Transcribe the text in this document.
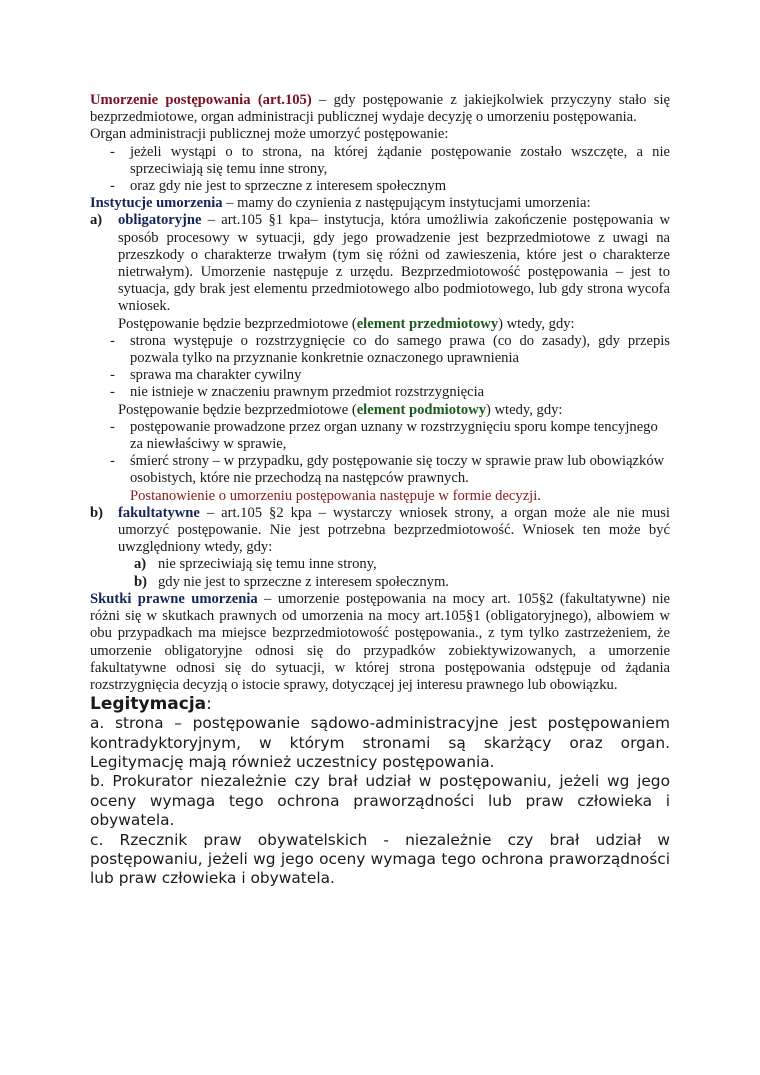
Umorzenie postępowania (art.105) – gdy postępowanie z jakiejkolwiek przyczyny stało się bezprzedmiotowe, organ administracji publicznej wydaje decyzję o umorzeniu postępowania.

Organ administracji publicznej może umorzyć postępowanie:

-	jeżeli wystąpi o to strona, na której żądanie postępowanie zostało wszczęte, a nie sprzeciwiają się temu inne strony,
-	oraz gdy nie jest to sprzeczne z interesem społecznym

Instytucje umorzenia – mamy do czynienia z następującym instytucjami umorzenia:

a)	obligatoryjne – art.105 §1 kpa– instytucja, która umożliwia zakończenie postępowania w sposób procesowy w sytuacji, gdy jego prowadzenie jest bezprzedmiotowe z uwagi na przeszkody o charakterze trwałym (tym się różni od zawieszenia, które jest o charakterze nietrwałym). Umorzenie następuje z urzędu. Bezprzedmiotowość postępowania – jest to sytuacja, gdy brak jest elementu przedmiotowego albo podmiotowego, lub gdy strona wycofa wniosek.

Postępowanie będzie bezprzedmiotowe (element przedmiotowy) wtedy, gdy:

-	strona występuje o rozstrzygnięcie co do samego prawa (co do zasady), gdy przepis pozwala tylko na przyznanie konkretnie oznaczonego uprawnienia
-	sprawa ma charakter cywilny
-	nie istnieje w znaczeniu prawnym przedmiot rozstrzygnięcia

Postępowanie będzie bezprzedmiotowe (element podmiotowy) wtedy, gdy:

-	postępowanie prowadzone przez organ uznany w rozstrzygnięciu sporu kompe tencyjnego za niewłaściwy w sprawie,
-	śmierć strony – w przypadku, gdy postępowanie się toczy w sprawie praw lub obowiązków osobistych, które nie przechodzą na następców prawnych.

Postanowienie o umorzeniu postępowania następuje w formie decyzji.

b)	fakultatywne – art.105 §2 kpa – wystarczy wniosek strony, a organ może ale nie musi umorzyć postępowanie. Nie jest potrzebna bezprzedmiotowość. Wniosek ten może być uwzględniony wtedy, gdy:

a) nie sprzeciwiają się temu inne strony,
b) gdy nie jest to sprzeczne z interesem społecznym.

Skutki prawne umorzenia – umorzenie postępowania na mocy art. 105§2 (fakultatywne) nie różni się w skutkach prawnych od umorzenia na mocy art.105§1 (obligatoryjnego), albowiem w obu przypadkach ma miejsce bezprzedmiotowość postępowania., z tym tylko zastrzeżeniem, że umorzenie obligatoryjne odnosi się do przypadków zobiektywizowanych, a umorzenie fakultatywne odnosi się do sytuacji, w której strona postępowania odstępuje od żądania rozstrzygnięcia decyzją o istocie sprawy, dotyczącej jej interesu prawnego lub obowiązku.

Legitymacja:

a. strona – postępowanie sądowo-administracyjne jest postępowaniem kontradyktoryjnym, w którym stronami są skarżący oraz organ. Legitymację mają również uczestnicy postępowania.

b. Prokurator niezależnie czy brał udział w postępowaniu, jeżeli wg jego oceny wymaga tego ochrona praworządności lub praw człowieka i obywatela.

c. Rzecznik praw obywatelskich - niezależnie czy brał udział w postępowaniu, jeżeli wg jego oceny wymaga tego ochrona praworządności lub praw człowieka i obywatela.
